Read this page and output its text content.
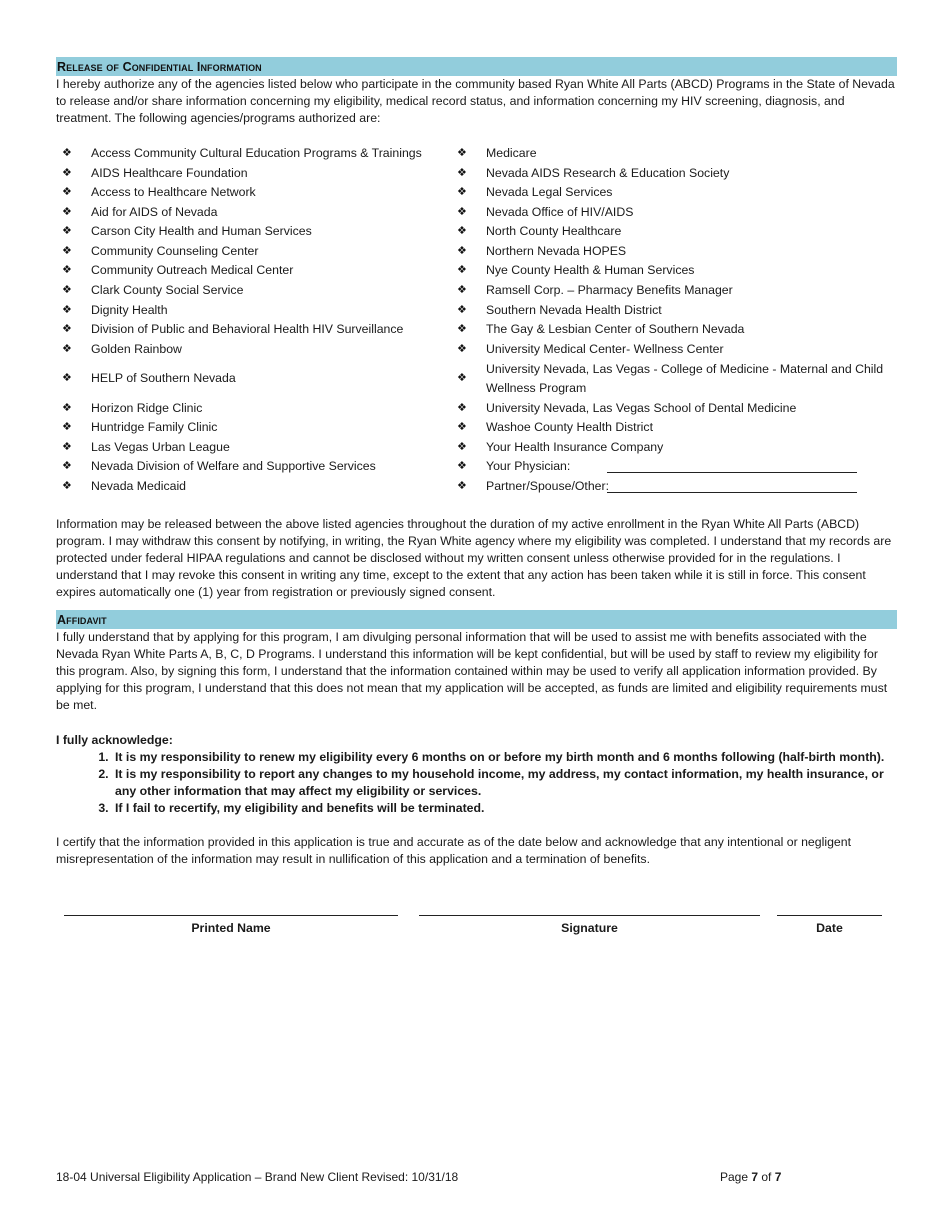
Release of Confidential Information

I hereby authorize any of the agencies listed below who participate in the community based Ryan White All Parts (ABCD) Programs in the State of Nevada to release and/or share information concerning my eligibility, medical record status, and information concerning my HIV screening, diagnosis, and treatment. The following agencies/programs authorized are:

❖	Access Community Cultural Education Programs & Trainings
❖	AIDS Healthcare Foundation
❖	Access to Healthcare Network
❖	Aid for AIDS of Nevada
❖	Carson City Health and Human Services
❖	Community Counseling Center
❖	Community Outreach Medical Center
❖	Clark County Social Service
❖	Dignity Health
❖	Division of Public and Behavioral Health HIV Surveillance
❖	Golden Rainbow
❖	HELP of Southern Nevada
❖	Horizon Ridge Clinic
❖	Huntridge Family Clinic
❖	Las Vegas Urban League
❖	Nevada Division of Welfare and Supportive Services
❖	Nevada Medicaid
❖	Medicare
❖	Nevada AIDS Research & Education Society
❖	Nevada Legal Services
❖	Nevada Office of HIV/AIDS
❖	North County Healthcare
❖	Northern Nevada HOPES
❖	Nye County Health & Human Services
❖	Ramsell Corp. – Pharmacy Benefits Manager
❖	Southern Nevada Health District
❖	The Gay & Lesbian Center of Southern Nevada
❖	University Medical Center- Wellness Center
❖
University Nevada, Las Vegas - College of Medicine - Maternal and Child Wellness Program
❖	University Nevada, Las Vegas School of Dental Medicine
❖	Washoe County Health District
❖	Your Health Insurance Company
❖	Your Physician:
❖	Partner/Spouse/Other:

Information may be released between the above listed agencies throughout the duration of my active enrollment in the Ryan White All Parts (ABCD) program. I may withdraw this consent by notifying, in writing, the Ryan White agency where my eligibility was completed. I understand that my records are protected under federal HIPAA regulations and cannot be disclosed without my written consent unless otherwise provided for in the regulations. I understand that I may revoke this consent in writing any time, except to the extent that any action has been taken while it is still in force. This consent expires automatically one (1) year from registration or previously signed consent.

Affidavit

I fully understand that by applying for this program, I am divulging personal information that will be used to assist me with benefits associated with the Nevada Ryan White Parts A, B, C, D Programs. I understand this information will be kept confidential, but will be used by staff to review my eligibility for this program. Also, by signing this form, I understand that the information contained within may be used to verify all application information provided. By applying for this program, I understand that this does not mean that my application will be accepted, as funds are limited and eligibility requirements must be met.

I fully acknowledge:
1. It is my responsibility to renew my eligibility every 6 months on or before my birth month and 6 months following (half-birth month).
2. It is my responsibility to report any changes to my household income, my address, my contact information, my health insurance, or any other information that may affect my eligibility or services.
3. If I fail to recertify, my eligibility and benefits will be terminated.

I certify that the information provided in this application is true and accurate as of the date below and acknowledge that any intentional or negligent misrepresentation of the information may result in nullification of this application and a termination of benefits.

Printed Name	Signature	Date
18-04 Universal Eligibility Application – Brand New Client Revised: 10/31/18	Page 7 of 7
